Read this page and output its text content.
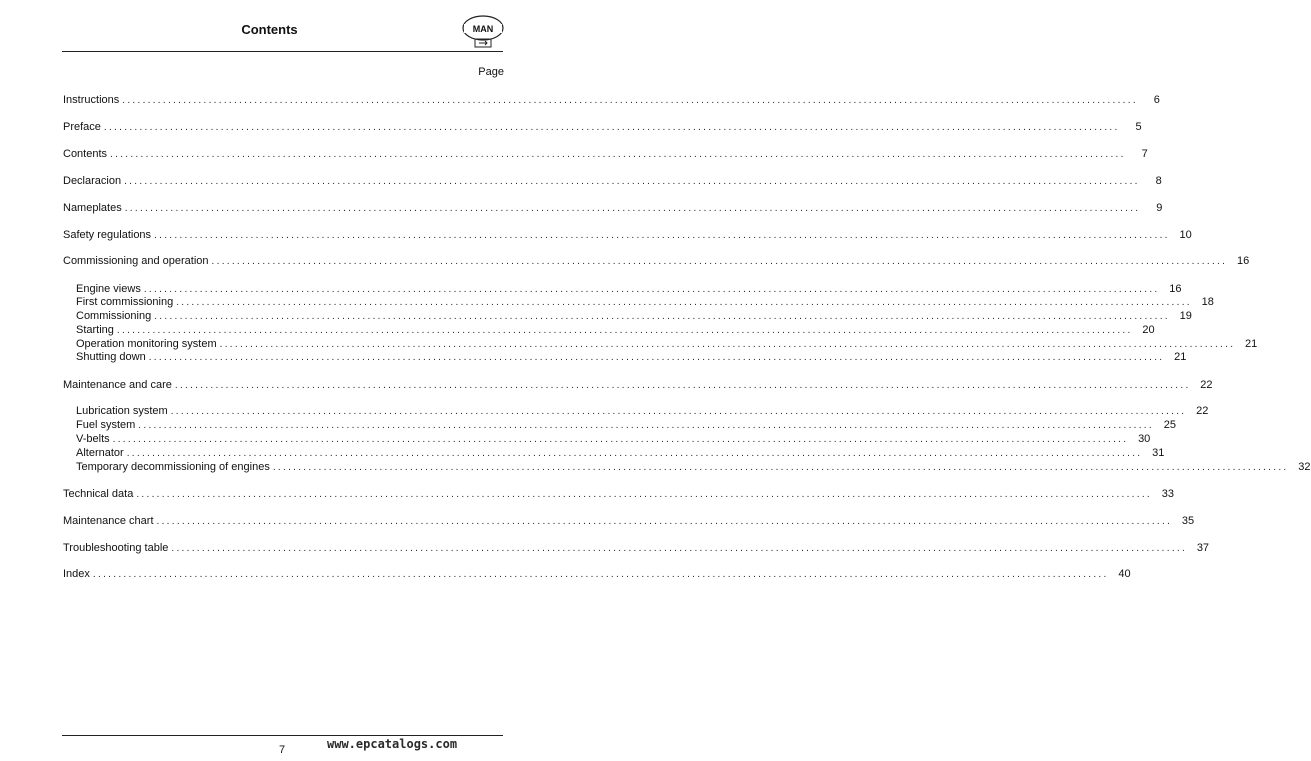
Contents	MAN
Page
Instructions ........................................................................................................................................................................................................	6
Preface ........................................................................................................................................................................................................	5
Contents ........................................................................................................................................................................................................	7
Declaracion ........................................................................................................................................................................................................	8
Nameplates ........................................................................................................................................................................................................	9
Safety regulations ........................................................................................................................................................................................................ 10
Commissioning and operation ........................................................................................................................................................................................................ 16
Engine views ........................................................................................................................................................................................................ 16
First commissioning ........................................................................................................................................................................................................ 18
Commissioning ........................................................................................................................................................................................................ 19
Starting ........................................................................................................................................................................................................ 20
Operation monitoring system ........................................................................................................................................................................................................ 21
Shutting down ........................................................................................................................................................................................................ 21
Maintenance and care ........................................................................................................................................................................................................ 22
Lubrication system ........................................................................................................................................................................................................ 22
Fuel system ........................................................................................................................................................................................................ 25
V-belts ........................................................................................................................................................................................................ 30
Alternator ........................................................................................................................................................................................................ 31
Temporary decommissioning of engines ........................................................................................................................................................................................................ 32
Technical data ........................................................................................................................................................................................................ 33
Maintenance chart ........................................................................................................................................................................................................ 35
Troubleshooting table ........................................................................................................................................................................................................ 37
Index ........................................................................................................................................................................................................ 40
7	www.epcatalogs.com
